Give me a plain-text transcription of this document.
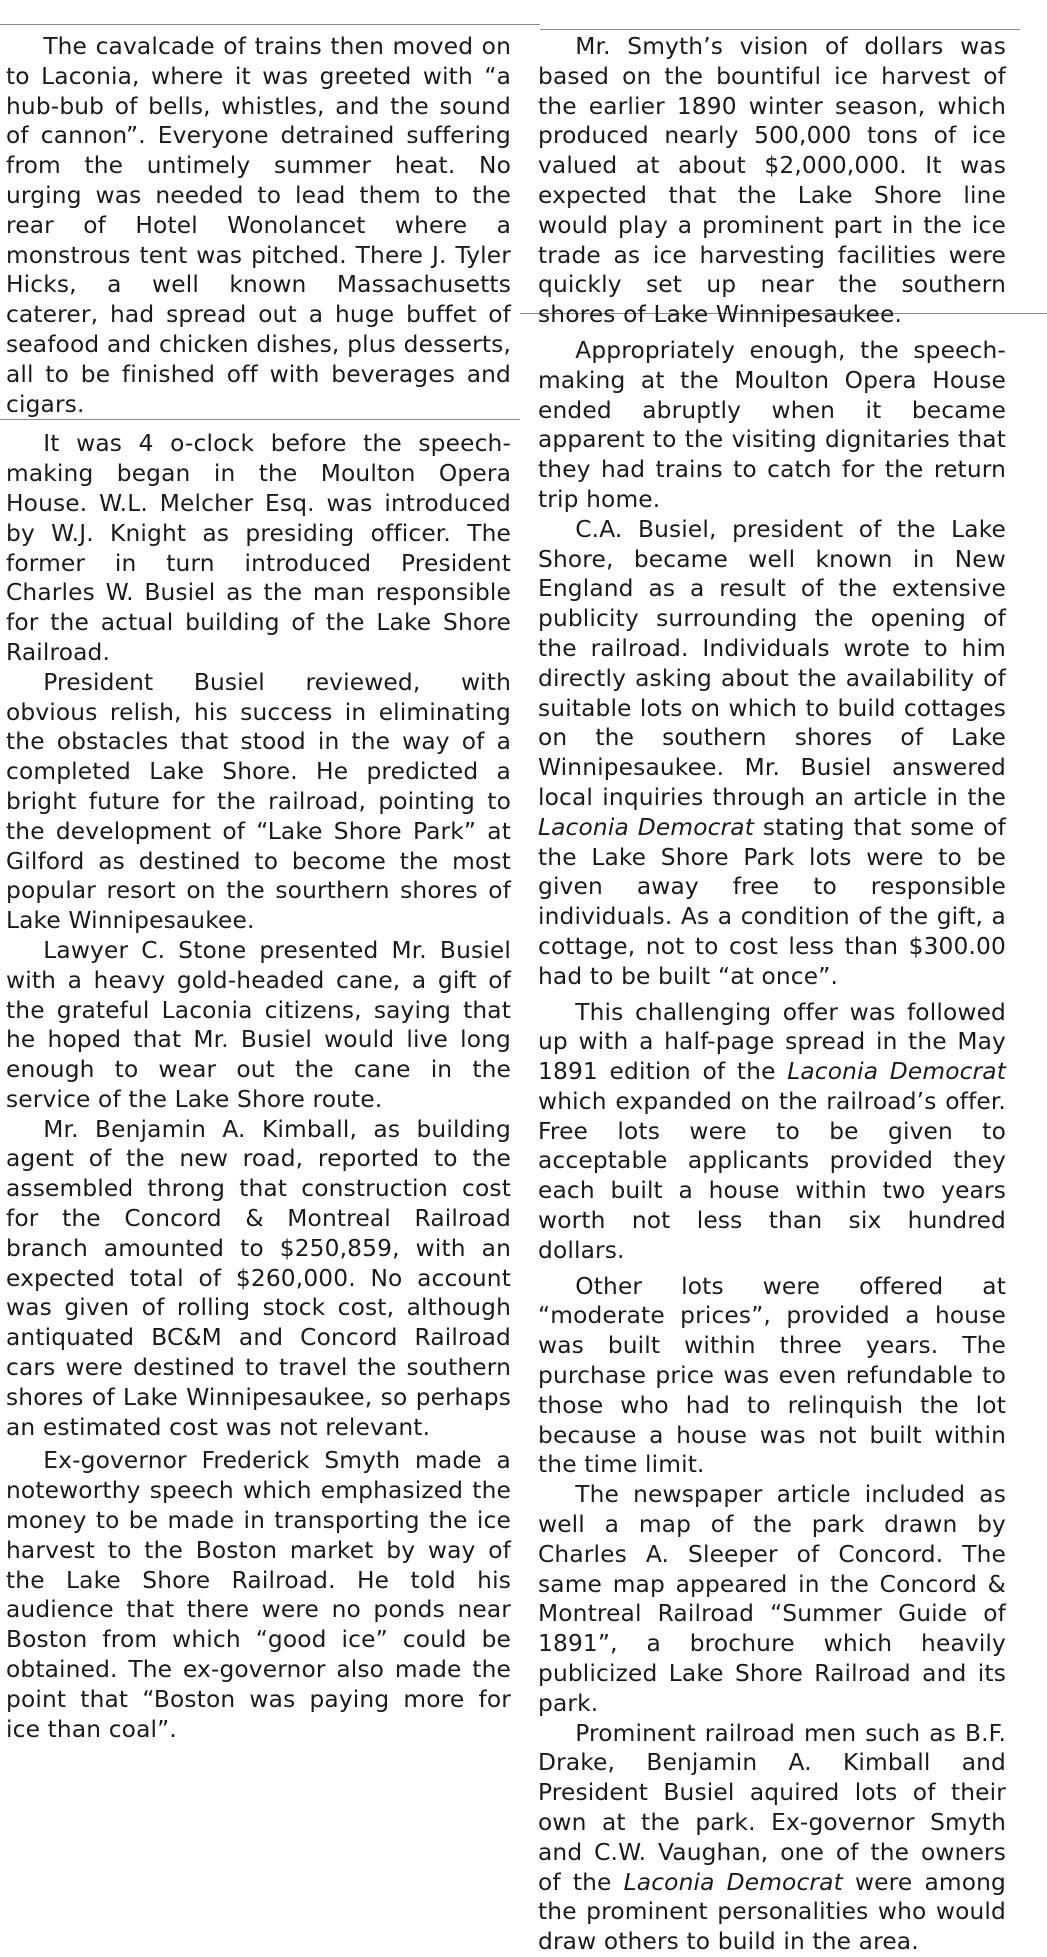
The cavalcade of trains then moved on to Laconia, where it was greeted with “a hub-bub of bells, whistles, and the sound of cannon”. Everyone detrained suffering from the untimely summer heat. No urging was needed to lead them to the rear of Hotel Wonolancet where a monstrous tent was pitched. There J. Tyler Hicks, a well known Massachusetts caterer, had spread out a huge buffet of seafood and chicken dishes, plus desserts, all to be finished off with beverages and cigars.

It was 4 o-clock before the speech-making began in the Moulton Opera House. W.L. Melcher Esq. was introduced by W.J. Knight as presiding officer. The former in turn introduced President Charles W. Busiel as the man responsible for the actual building of the Lake Shore Railroad.

President Busiel reviewed, with obvious relish, his success in eliminating the obstacles that stood in the way of a completed Lake Shore. He predicted a bright future for the railroad, pointing to the development of “Lake Shore Park” at Gilford as destined to become the most popular resort on the sourthern shores of Lake Winnipesaukee.

Lawyer C. Stone presented Mr. Busiel with a heavy gold-headed cane, a gift of the grateful Laconia citizens, saying that he hoped that Mr. Busiel would live long enough to wear out the cane in the service of the Lake Shore route.

Mr. Benjamin A. Kimball, as building agent of the new road, reported to the assembled throng that construction cost for the Concord & Montreal Railroad branch amounted to $250,859, with an expected total of $260,000. No account was given of rolling stock cost, although antiquated BC&M and Concord Railroad cars were destined to travel the southern shores of Lake Winnipesaukee, so perhaps an estimated cost was not relevant.

Ex-governor Frederick Smyth made a noteworthy speech which emphasized the money to be made in transporting the ice harvest to the Boston market by way of the Lake Shore Railroad. He told his audience that there were no ponds near Boston from which “good ice” could be obtained. The ex-governor also made the point that “Boston was paying more for ice than coal”.

Mr. Smyth’s vision of dollars was based on the bountiful ice harvest of the earlier 1890 winter season, which produced nearly 500,000 tons of ice valued at about $2,000,000. It was expected that the Lake Shore line would play a prominent part in the ice trade as ice harvesting facilities were quickly set up near the southern shores of Lake Winnipesaukee.

Appropriately enough, the speech-making at the Moulton Opera House ended abruptly when it became apparent to the visiting dignitaries that they had trains to catch for the return trip home.

C.A. Busiel, president of the Lake Shore, became well known in New England as a result of the extensive publicity surrounding the opening of the railroad. Individuals wrote to him directly asking about the availability of suitable lots on which to build cottages on the southern shores of Lake Winnipesaukee. Mr. Busiel answered local inquiries through an article in the Laconia Democrat stating that some of the Lake Shore Park lots were to be given away free to responsible individuals. As a condition of the gift, a cottage, not to cost less than $300.00 had to be built “at once”.

This challenging offer was followed up with a half-page spread in the May 1891 edition of the Laconia Democrat which expanded on the railroad’s offer. Free lots were to be given to acceptable applicants provided they each built a house within two years worth not less than six hundred dollars.

Other lots were offered at “moderate prices”, provided a house was built within three years. The purchase price was even refundable to those who had to relinquish the lot because a house was not built within the time limit.

The newspaper article included as well a map of the park drawn by Charles A. Sleeper of Concord. The same map appeared in the Concord & Montreal Railroad “Summer Guide of 1891”, a brochure which heavily publicized Lake Shore Railroad and its park.

Prominent railroad men such as B.F. Drake, Benjamin A. Kimball and President Busiel aquired lots of their own at the park. Ex-governor Smyth and C.W. Vaughan, one of the owners of the Laconia Democrat were among the prominent personalities who would draw others to build in the area.
